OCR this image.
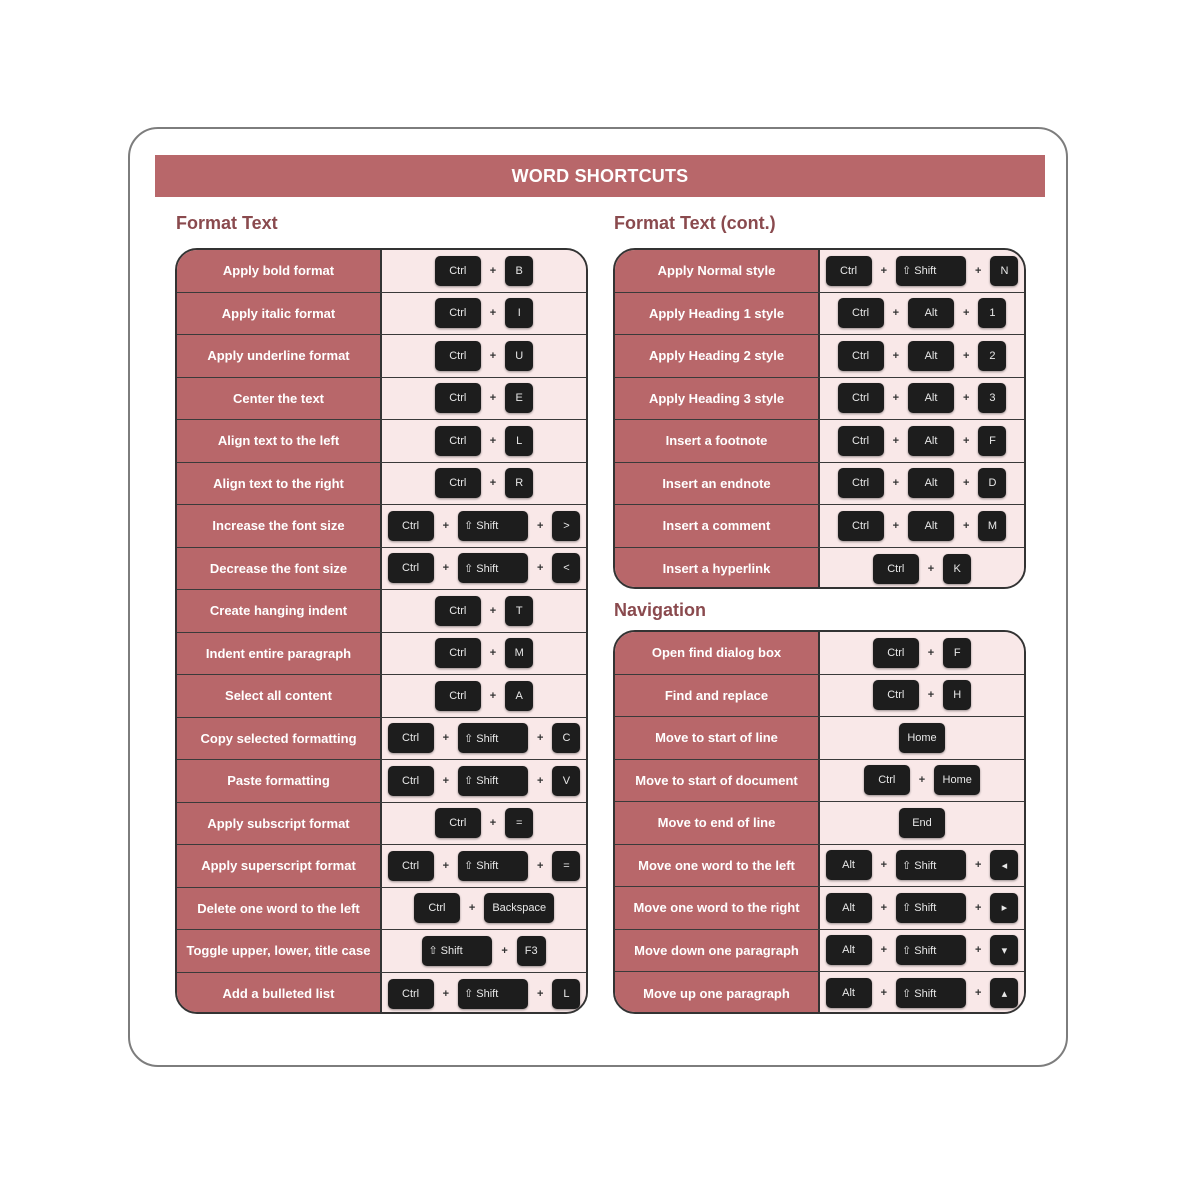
WORD SHORTCUTS
Format Text
Apply bold format	Ctrl	+	B
Apply italic format	Ctrl	+	I
Apply underline format	Ctrl	+	U
Center the text	Ctrl	+	E
Align text to the left	Ctrl	+	L
Align text to the right	Ctrl	+	R
Increase the font size	Ctrl	+	⇧ Shift	+	>
Decrease the font size	Ctrl	+	⇧ Shift	+	<
Create hanging indent	Ctrl	+	T
Indent entire paragraph	Ctrl	+	M
Select all content	Ctrl	+	A
Copy selected formatting	Ctrl	+	⇧ Shift	+	C
Paste formatting	Ctrl	+	⇧ Shift	+	V
Apply subscript format	Ctrl	+	=
Apply superscript format	Ctrl	+	⇧ Shift	+	=
Delete one word to the left	Ctrl	+	Backspace
Toggle upper, lower, title case	⇧ Shift	+	F3
Add a bulleted list	Ctrl	+	⇧ Shift	+	L
Format Text (cont.)
Apply Normal style	Ctrl	+	⇧ Shift	+	N
Apply Heading 1 style	Ctrl	+	Alt	+	1
Apply Heading 2 style	Ctrl	+	Alt	+	2
Apply Heading 3 style	Ctrl	+	Alt	+	3
Insert a footnote	Ctrl	+	Alt	+	F
Insert an endnote	Ctrl	+	Alt	+	D
Insert a comment	Ctrl	+	Alt	+	M
Insert a hyperlink	Ctrl	+	K
Navigation
Open find dialog box	Ctrl	+	F
Find and replace	Ctrl	+	H
Move to start of line	Home
Move to start of document	Ctrl	+	Home
Move to end of line	End
Move one word to the left	Alt	+	⇧ Shift	+	◂
Move one word to the right	Alt	+	⇧ Shift	+	▸
Move down one paragraph	Alt	+	⇧ Shift	+	▾
Move up one paragraph	Alt	+	⇧ Shift	+	▴
